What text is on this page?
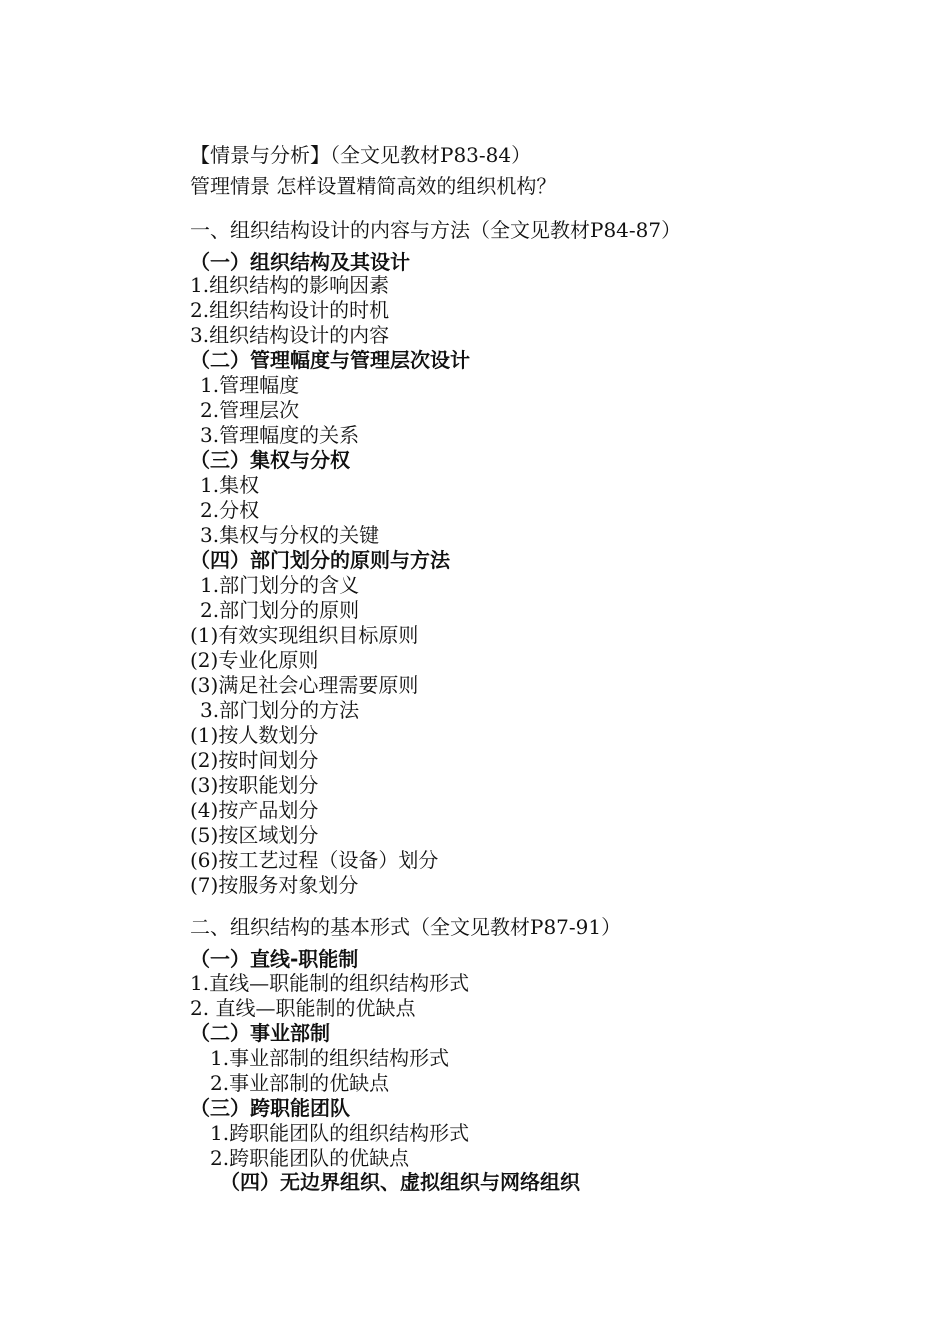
【情景与分析】（全文见教材P83-84）
管理情景 怎样设置精简高效的组织机构？
一、组织结构设计的内容与方法（全文见教材P84-87）
（一）组织结构及其设计
1.组织结构的影响因素
2.组织结构设计的时机
3.组织结构设计的内容
（二）管理幅度与管理层次设计
1.管理幅度
2.管理层次
3.管理幅度的关系
（三）集权与分权
1.集权
2.分权
3.集权与分权的关键
（四）部门划分的原则与方法
1.部门划分的含义
2.部门划分的原则
(1)有效实现组织目标原则
(2)专业化原则
(3)满足社会心理需要原则
3.部门划分的方法
(1)按人数划分
(2)按时间划分
(3)按职能划分
(4)按产品划分
(5)按区域划分
(6)按工艺过程（设备）划分
(7)按服务对象划分
二、组织结构的基本形式（全文见教材P87-91）
（一）直线-职能制
1.直线—职能制的组织结构形式
2. 直线—职能制的优缺点
（二）事业部制
1.事业部制的组织结构形式
2.事业部制的优缺点
（三）跨职能团队
1.跨职能团队的组织结构形式
2.跨职能团队的优缺点
（四）无边界组织、虚拟组织与网络组织
